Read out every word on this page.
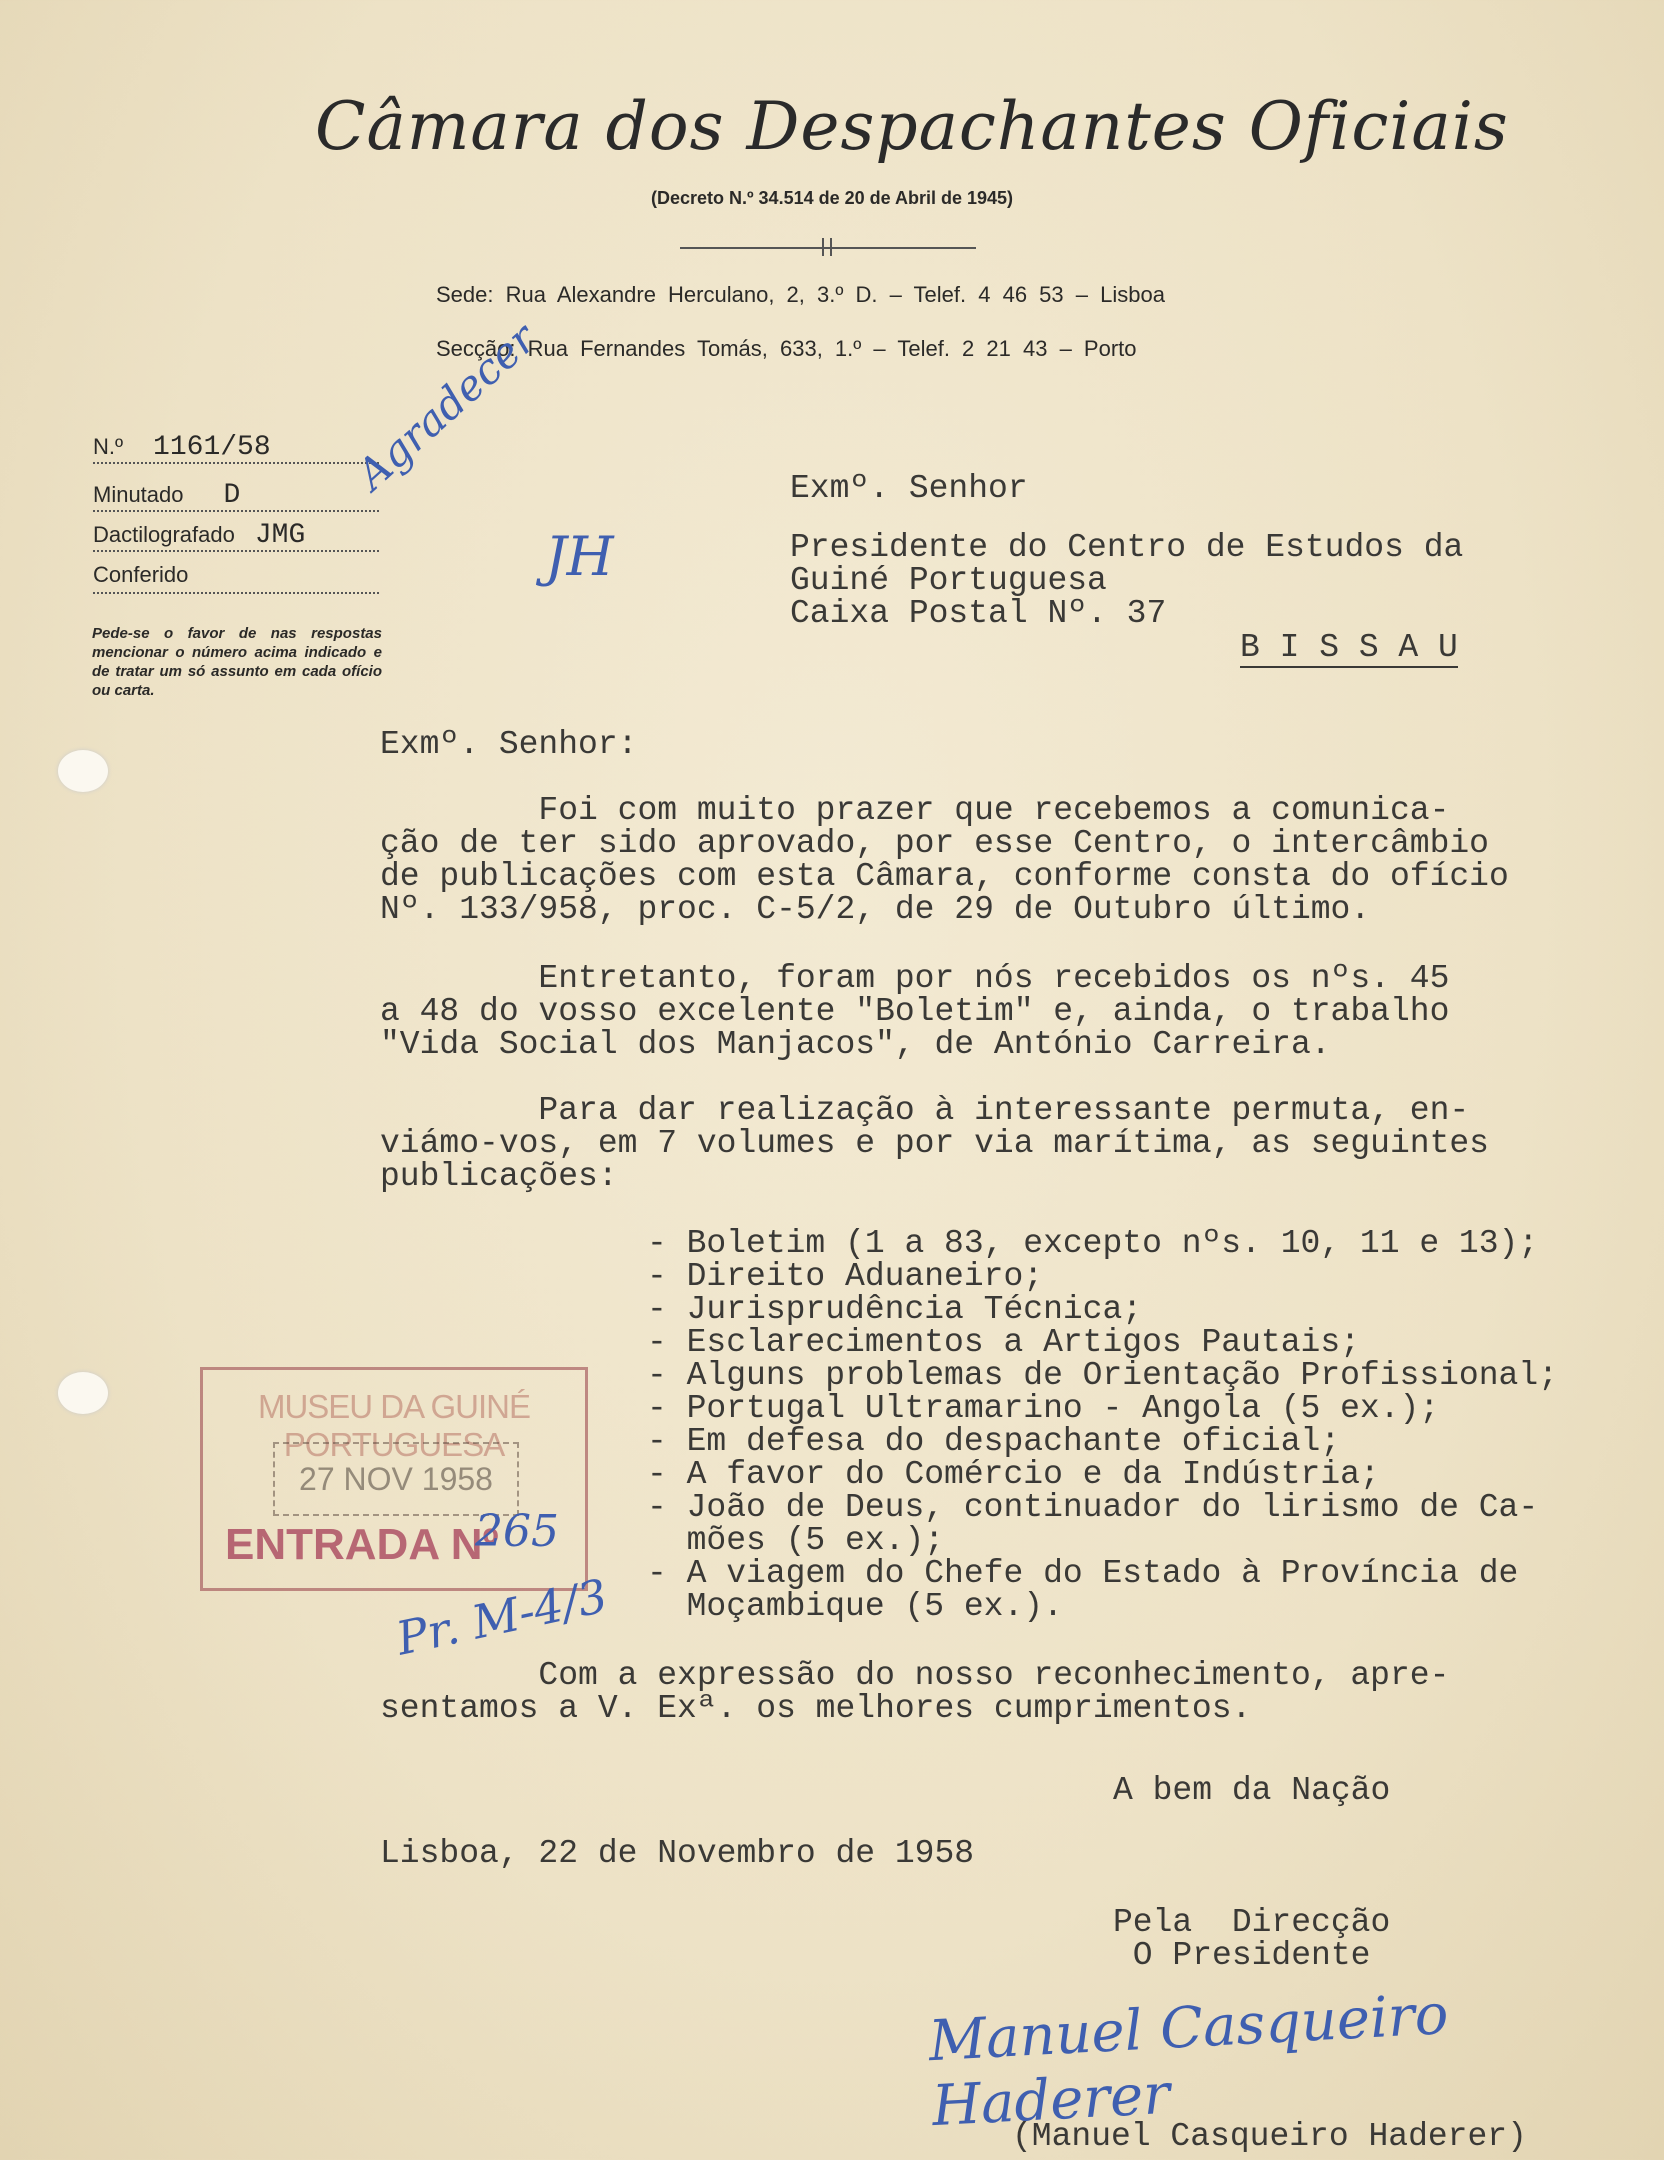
Câmara dos Despachantes Oficiais
(Decreto N.º 34.514 de 20 de Abril de 1945)
Sede: Rua Alexandre Herculano, 2, 3.º D. – Telef. 4 46 53 – Lisboa
Secção: Rua Fernandes Tomás, 633, 1.º – Telef. 2 21 43 – Porto
N.º 1161/58
Minutado D
Dactilografado JMG
Conferido
Pede-se o favor de nas respostas mencionar o número acima indicado e de tratar um só assunto em cada ofício ou carta.
Agradecer
JH
Exmº. Senhor
Presidente do Centro de Estudos da
Guiné Portuguesa
Caixa Postal Nº. 37
B I S S A U
Exmº. Senhor:
Foi com muito prazer que recebemos a comunica-
ção de ter sido aprovado, por esse Centro, o intercâmbio
de publicações com esta Câmara, conforme consta do ofício
Nº. 133/958, proc. C-5/2, de 29 de Outubro último.
Entretanto, foram por nós recebidos os nºs. 45
a 48 do vosso excelente "Boletim" e, ainda, o trabalho
"Vida Social dos Manjacos", de António Carreira.
Para dar realização à interessante permuta, en-
viámo-vos, em 7 volumes e por via marítima, as seguintes
publicações:
- Boletim (1 a 83, excepto nºs. 10, 11 e 13);
- Direito Aduaneiro;
- Jurisprudência Técnica;
- Esclarecimentos a Artigos Pautais;
- Alguns problemas de Orientação Profissional;
- Portugal Ultramarino - Angola (5 ex.);
- Em defesa do despachante oficial;
- A favor do Comércio e da Indústria;
- João de Deus, continuador do lirismo de Ca-
mões (5 ex.);
- A viagem do Chefe do Estado à Província de
Moçambique (5 ex.).
MUSEU DA GUINÉ PORTUGUESA
27 NOV 1958
ENTRADA Nº
265
Pr. M-4/3
Com a expressão do nosso reconhecimento, apre-
sentamos a V. Exª. os melhores cumprimentos.
A bem da Nação
Lisboa, 22 de Novembro de 1958
Pela  Direcção
O Presidente
Manuel Casqueiro Haderer
(Manuel Casqueiro Haderer)
